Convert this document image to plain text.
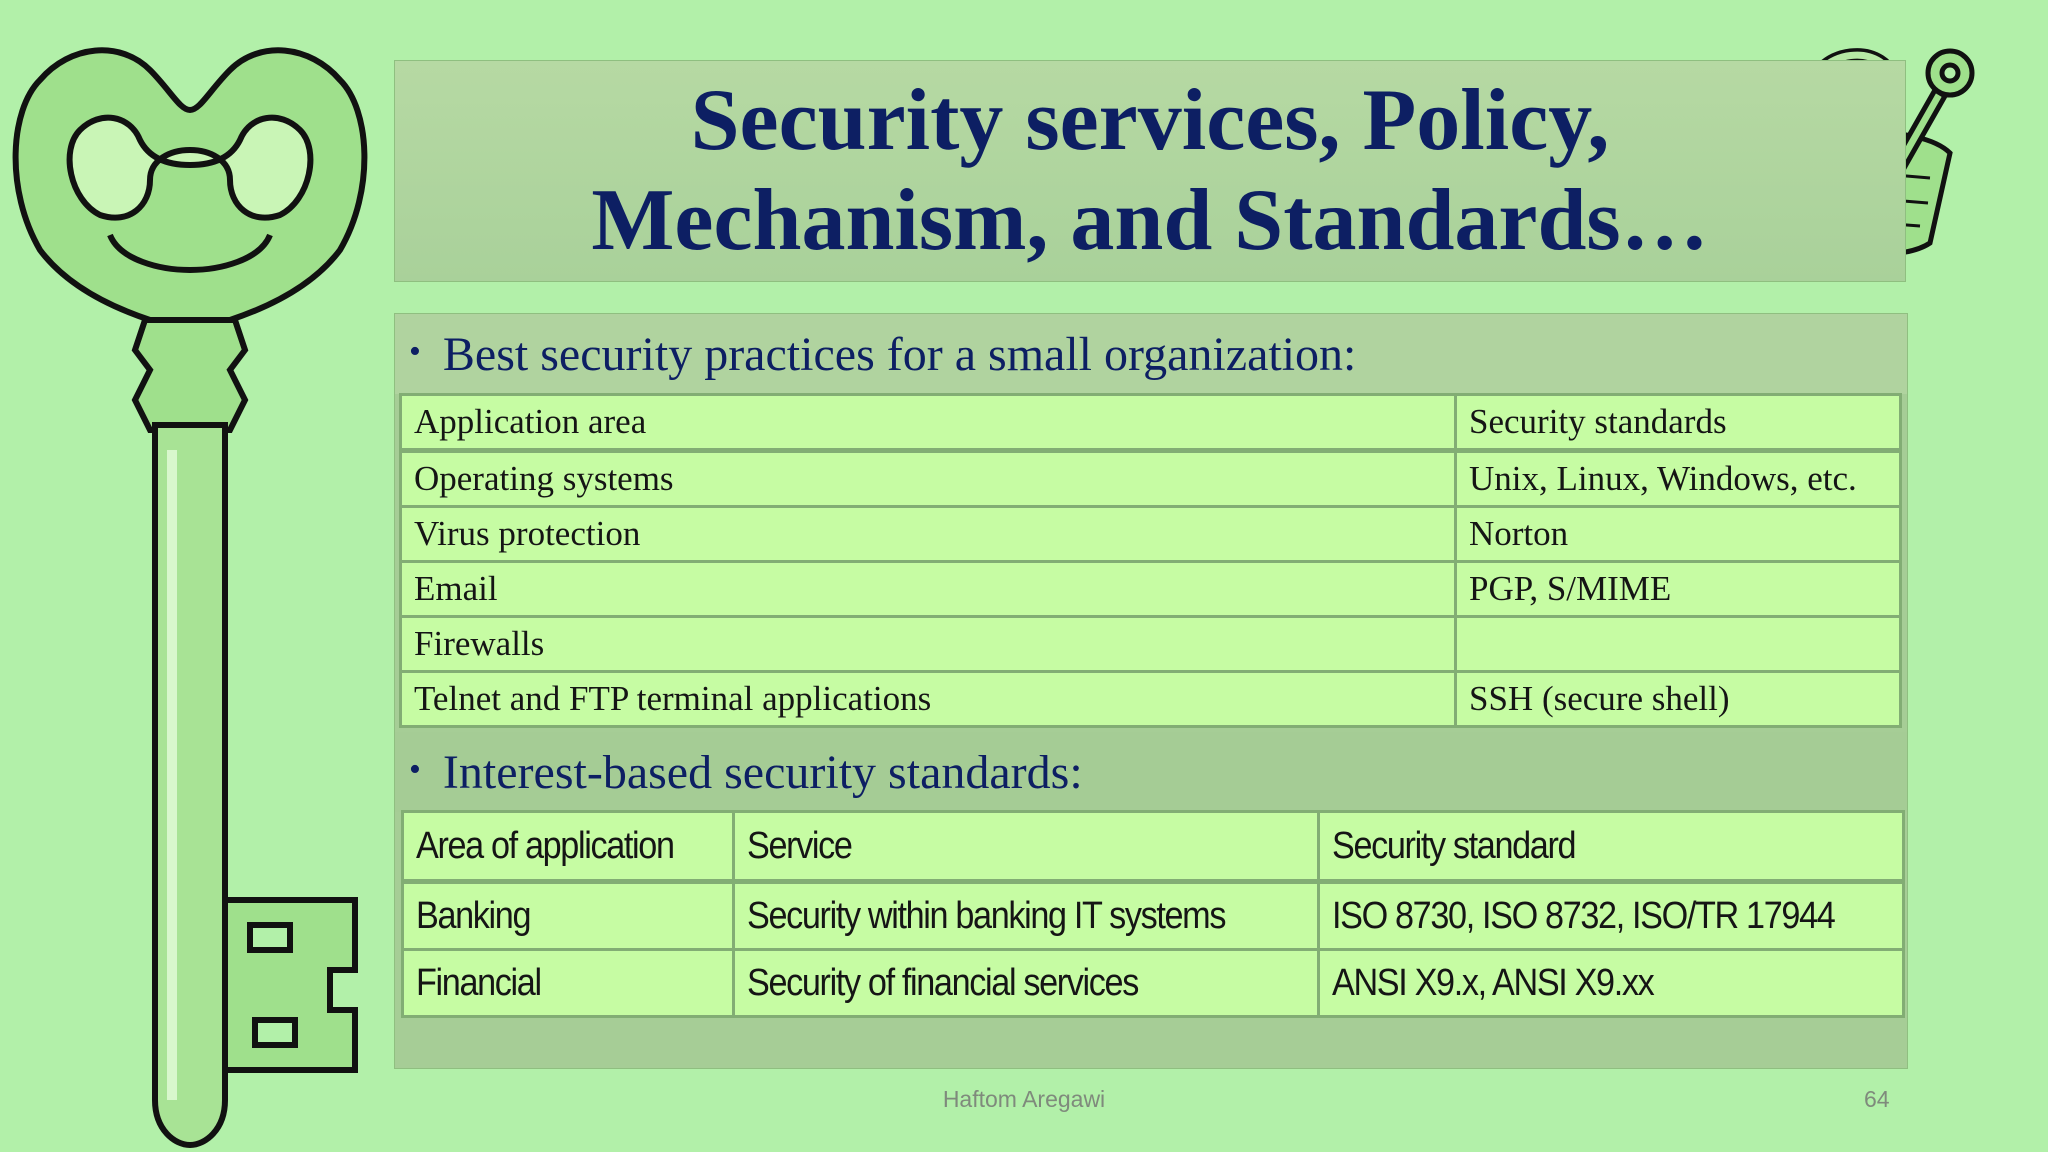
Security services, Policy,
Mechanism, and Standards…
• Best security practices for a small organization:
Application area	Security standards
Operating systems	Unix, Linux, Windows, etc.
Virus protection	Norton
Email	PGP, S/MIME
Firewalls	
Telnet and FTP terminal applications	SSH (secure shell)
• Interest-based security standards:
Area of application	Service	Security standard
Banking	Security within banking IT systems	ISO 8730, ISO 8732, ISO/TR 17944
Financial	Security of financial services	ANSI X9.x, ANSI X9.xx
Haftom Aregawi	64
